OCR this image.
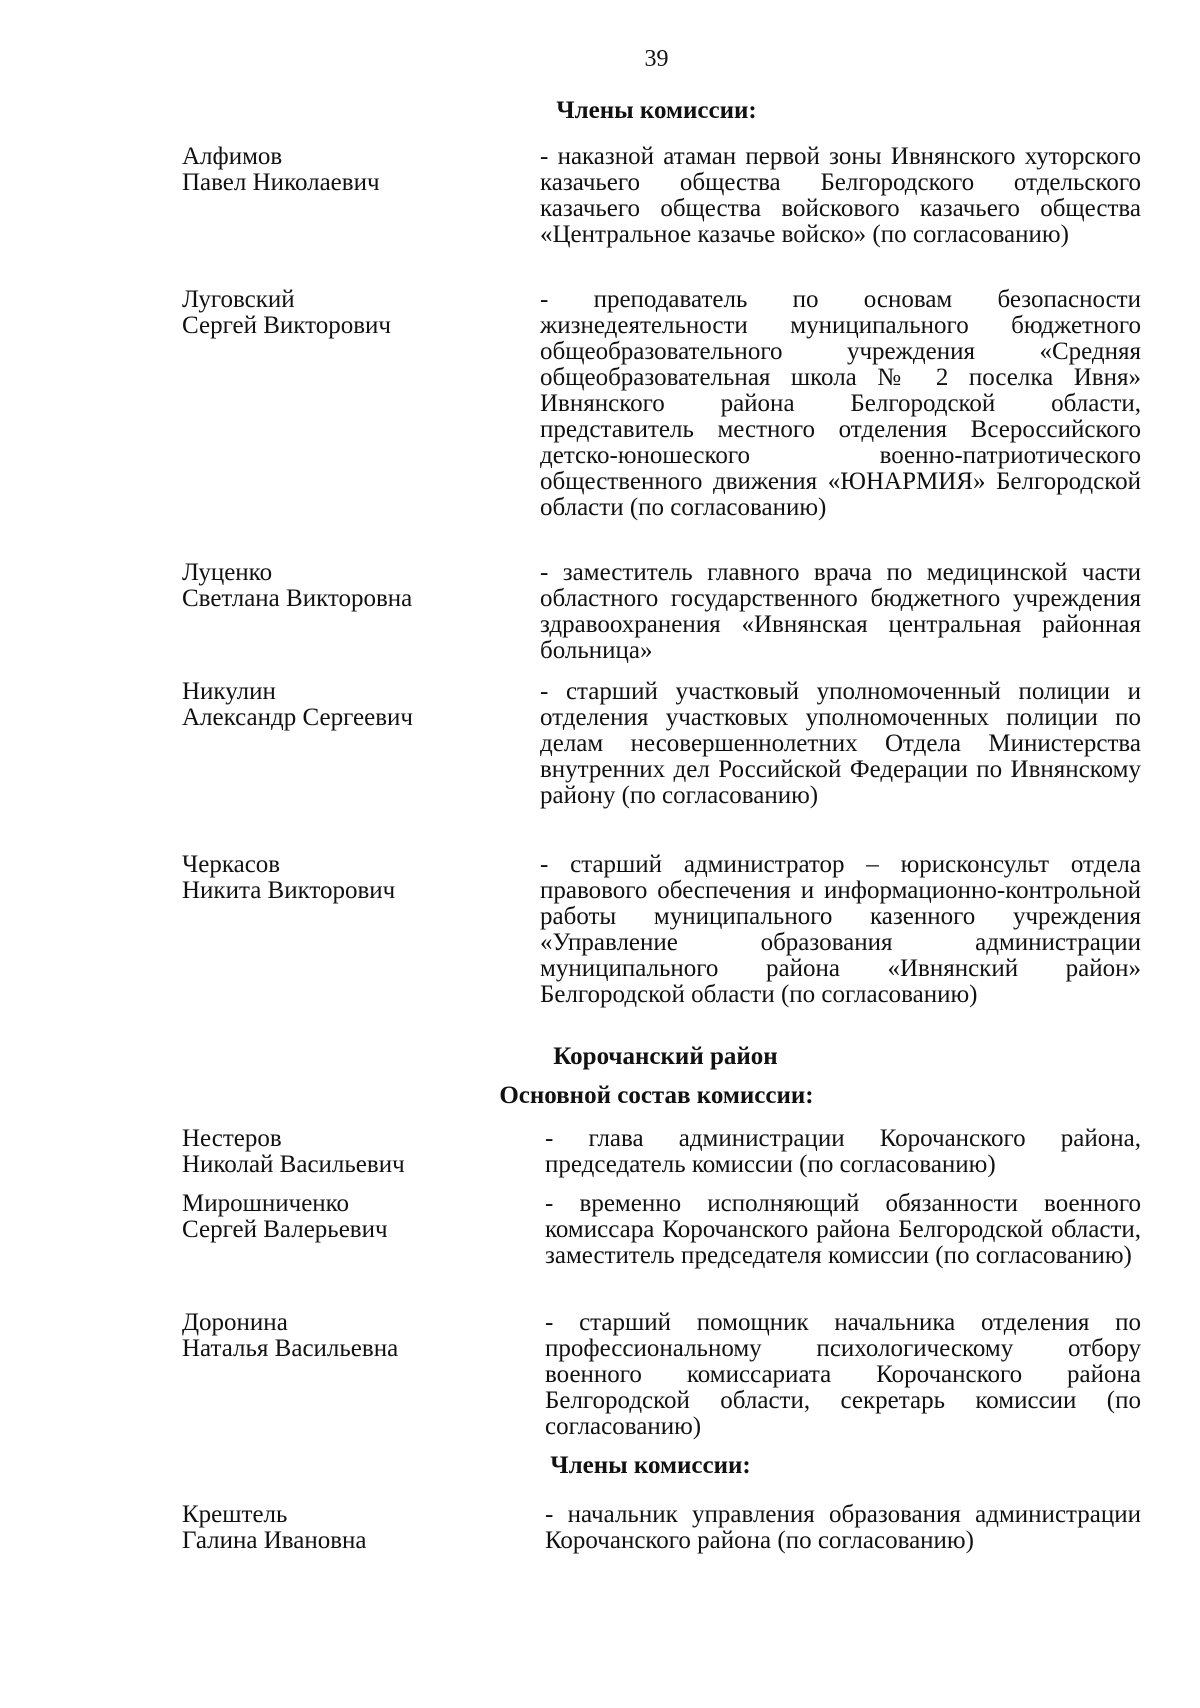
39
Члены комиссии:
Алфимов
Павел Николаевич
- наказной атаман первой зоны Ивнянского хуторского казачьего общества Белгородского отдельского казачьего общества войскового казачьего общества «Центральное казачье войско» (по согласованию)
Луговский
Сергей Викторович
- преподаватель по основам безопасности жизнедеятельности муниципального бюджетного общеобразовательного учреждения «Средняя общеобразовательная школа № 2 поселка Ивня» Ивнянского района Белгородской области, представитель местного отделения Всероссийского детско-юношеского военно-патриотического общественного движения «ЮНАРМИЯ» Белгородской области (по согласованию)
Луценко
Светлана Викторовна
- заместитель главного врача по медицинской части областного государственного бюджетного учреждения здравоохранения «Ивнянская центральная районная больница»
Никулин
Александр Сергеевич
- старший участковый уполномоченный полиции и отделения участковых уполномоченных полиции по делам несовершеннолетних Отдела Министерства внутренних дел Российской Федерации по Ивнянскому району (по согласованию)
Черкасов
Никита Викторович
- старший администратор – юрисконсульт отдела правового обеспечения и информационно-контрольной работы муниципального казенного учреждения «Управление образования администрации муниципального района «Ивнянский район» Белгородской области (по согласованию)
Корочанский район
Основной состав комиссии:
Нестеров
Николай Васильевич
- глава администрации Корочанского района, председатель комиссии (по согласованию)
Мирошниченко
Сергей Валерьевич
- временно исполняющий обязанности военного комиссара Корочанского района Белгородской области, заместитель председателя комиссии (по согласованию)
Доронина
Наталья Васильевна
- старший помощник начальника отделения по профессиональному психологическому отбору военного комиссариата Корочанского района Белгородской области, секретарь комиссии (по согласованию)
Члены комиссии:
Крештель
Галина Ивановна
- начальник управления образования администрации Корочанского района (по согласованию)
